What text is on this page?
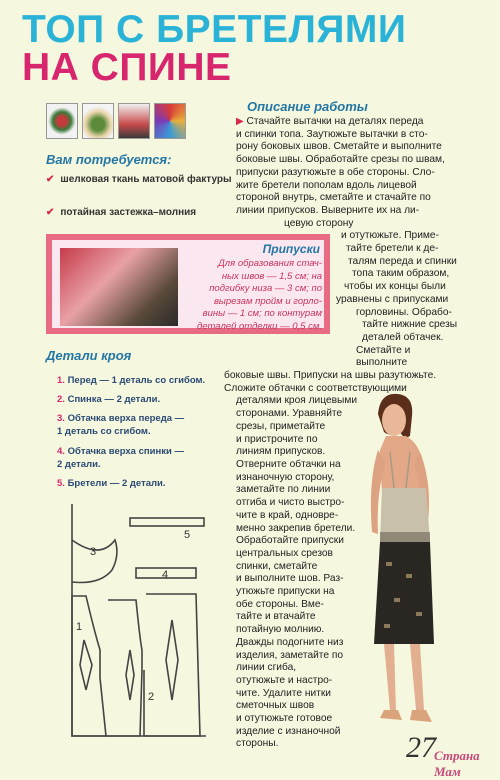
ТОП С БРЕТЕЛЯМИ
НА СПИНЕ
Вам потребуется:
✔ шелковая ткань матовой фактуры
✔ потайная застежка–молния
Припуски
Для образования стач-
ных швов — 1,5 см; на
подгибку низа — 3 см; по
вырезам пройм и горло-
вины — 1 см; по контурам
деталей отделки — 0,5 см.
Детали кроя
1. Перед — 1 деталь со сгибом.
2. Спинка — 2 детали.
3. Обтачка верха переда —
1 деталь со сгибом.
4. Обтачка верха спинки —
2 детали.
5. Бретели — 2 детали.
3
5
4
1
2
Описание работы

▶ Стачайте вытачки на деталях переда

и спинки топа. Заутюжьте вытачки в сто-

рону боковых швов. Сметайте и выполните

боковые швы. Обработайте срезы по швам,

припуски разутюжьте в обе стороны. Сло-

жите бретели пополам вдоль лицевой

стороной внутрь, сметайте и стачайте по

линии припусков. Выверните их на ли-

цевую сторону

и отутюжьте. Приме-

тайте бретели к де-

талям переда и спинки

топа таким образом,

чтобы их концы были

уравнены с припусками

горловины. Обрабо-

тайте нижние срезы

деталей обтачек.

Сметайте и выполните

боковые швы. Припуски на швы разутюжьте.

Сложите обтачки с соответствующими

деталями кроя лицевыми

сторонами. Уравняйте

срезы, приметайте

и пристрочите по

линиям припусков.

Отверните обтачки на

изнаночную сторону,

заметайте по линии

отгиба и чисто выстро-

чите в край, одновре-

менно закрепив бретели.

Обработайте припуски

центральных срезов

спинки, сметайте

и выполните шов. Раз-

утюжьте припуски на

обе стороны. Вме-

тайте и втачайте

потайную молнию.

Дважды подогните низ

изделия, заметайте по

линии сгиба,

отутюжьте и настро-

чите. Удалите нитки

сметочных швов

и отутюжьте готовое

изделие с изнаночной

стороны.	27
Страна Мам
